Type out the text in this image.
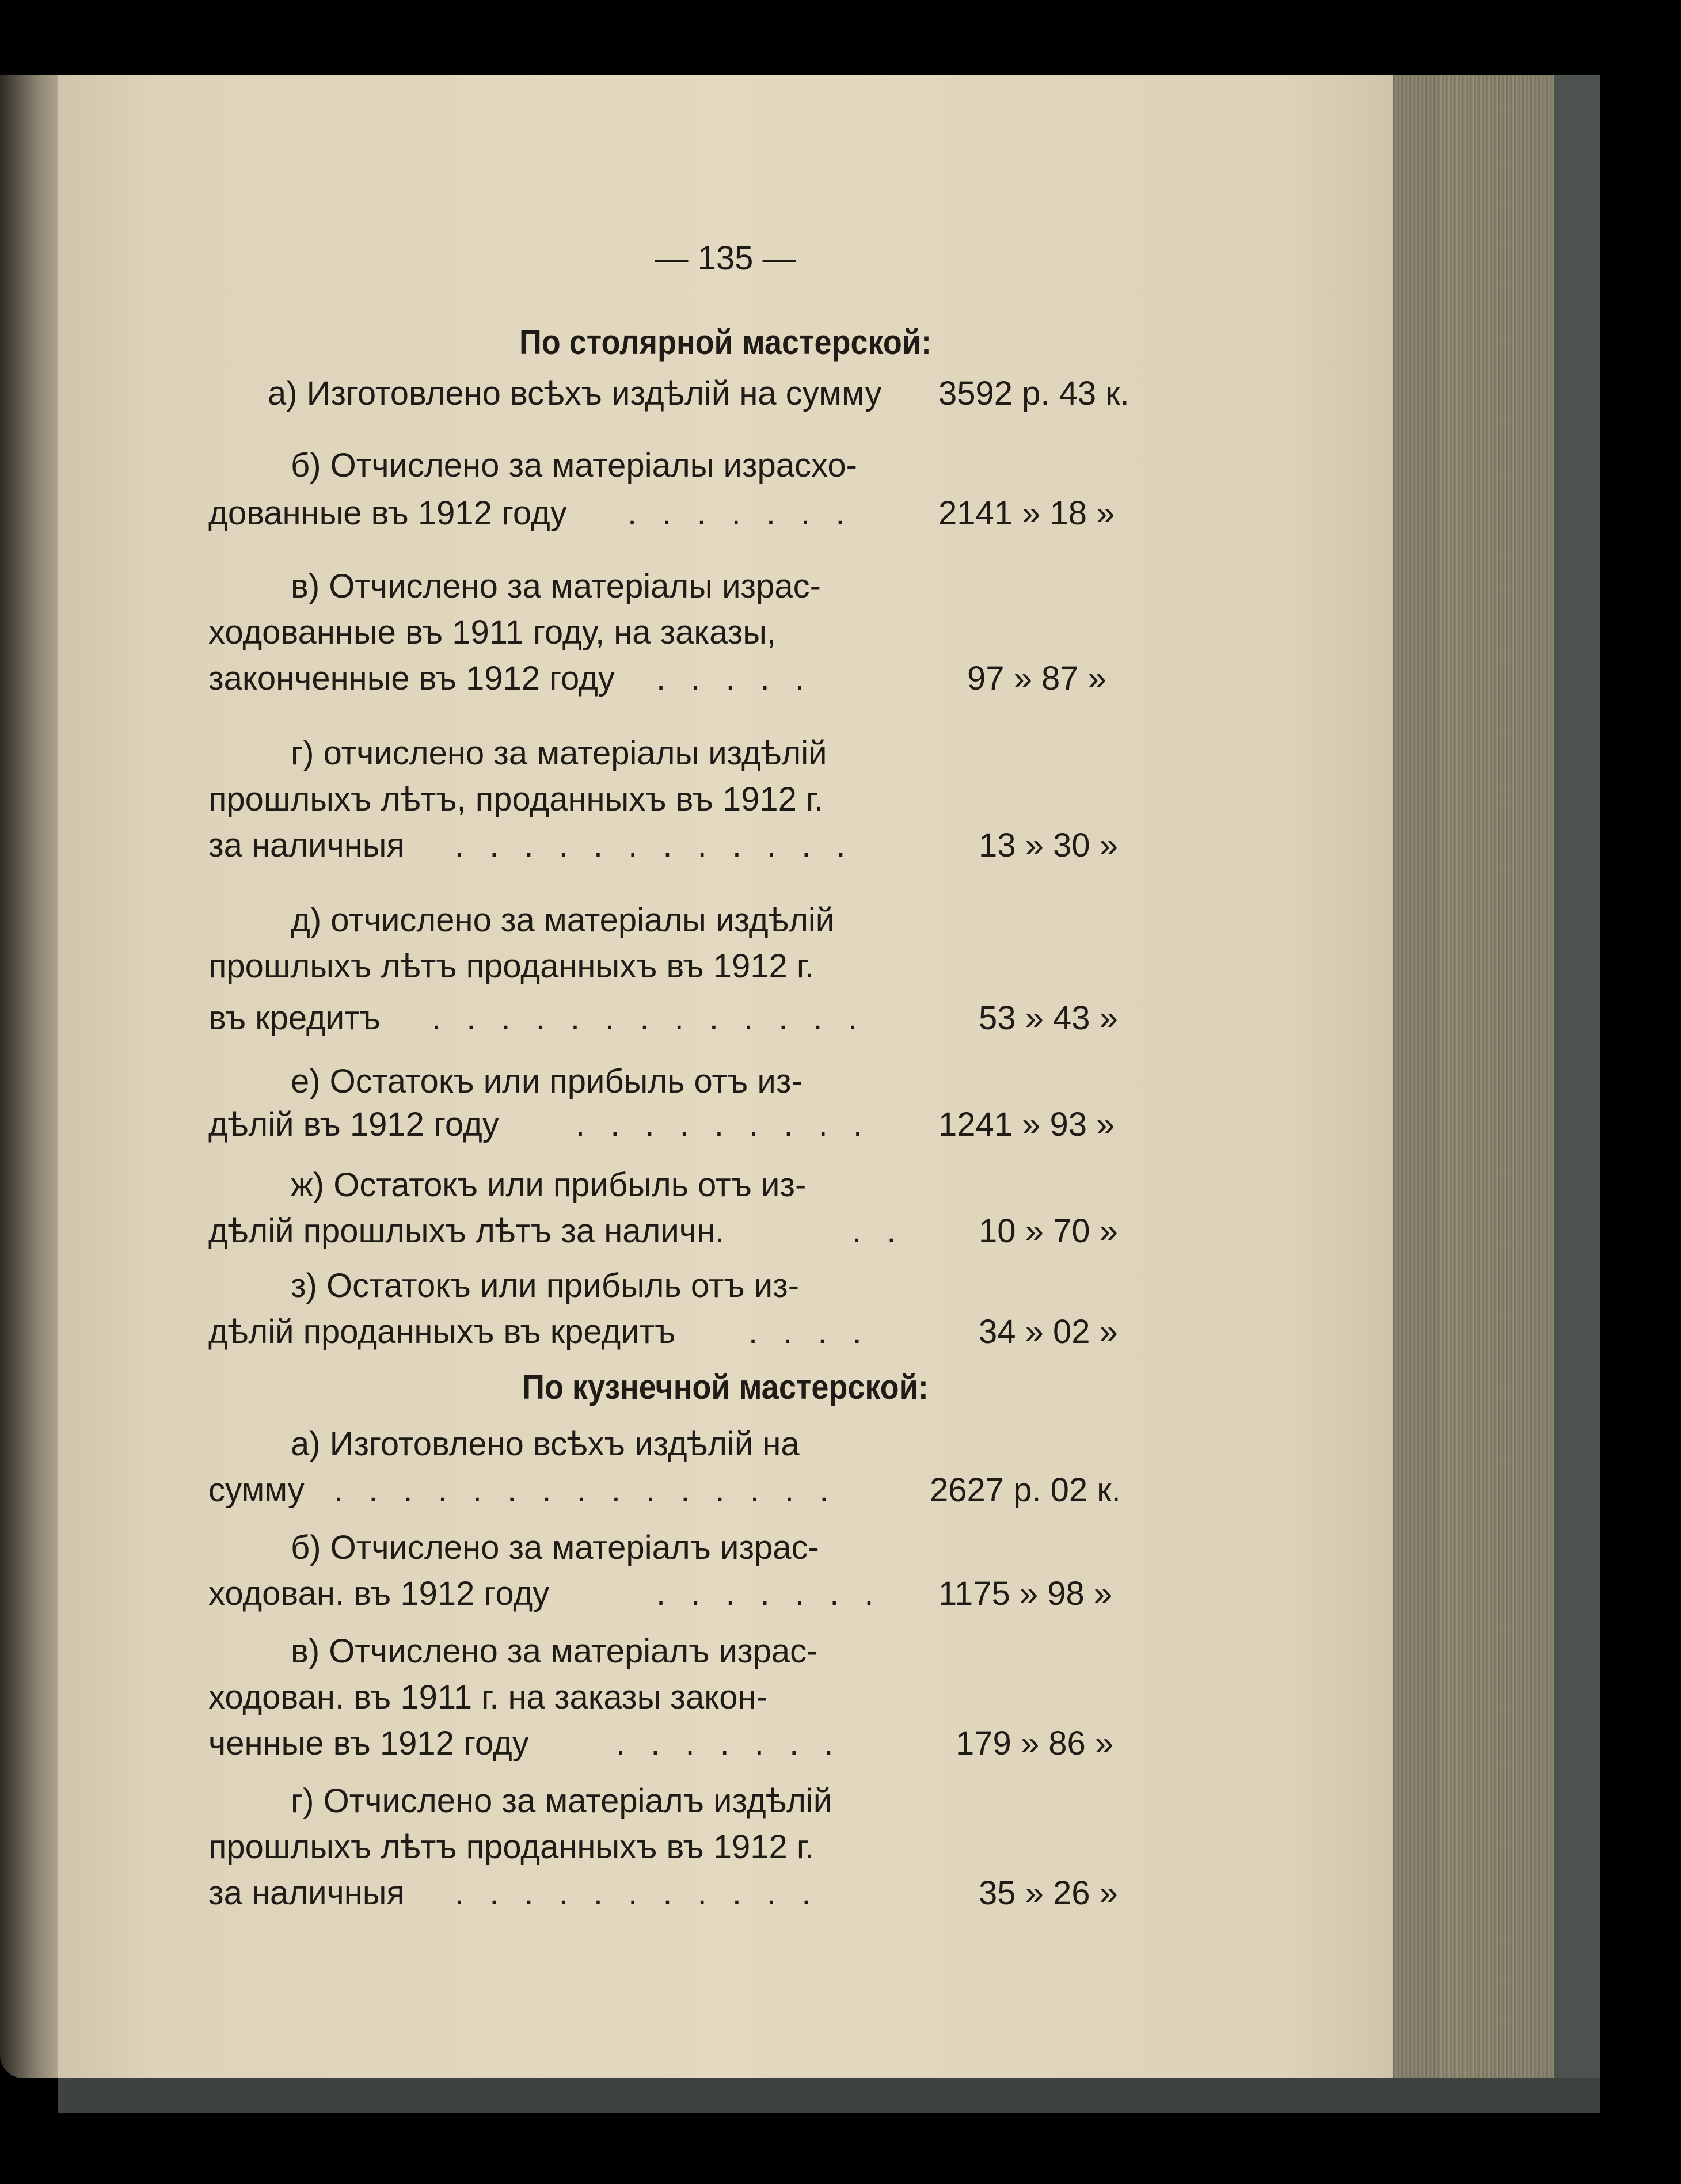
— 135 —
По столярной мастерской:
а) Изготовлено всѣхъ издѣлій на сумму 3592 р. 43 к.
б) Отчислено за матеріалы израсхо-
дованные въ 1912 году . . . . . . .	2141 » 18 »
в) Отчислено за матеріалы израс-
ходованные въ 1911 году, на заказы,
законченные въ 1912 году . . . . .	97 » 87 »
г) отчислено за матеріалы издѣлій
прошлыхъ лѣтъ, проданныхъ въ 1912 г.
за наличныя . . . . . . . . . . . .	13 » 30 »
д) отчислено за матеріалы издѣлій
прошлыхъ лѣтъ проданныхъ въ 1912 г.
въ кредитъ . . . . . . . . . . . . .	53 » 43 »
е) Остатокъ или прибыль отъ из-
дѣлій въ 1912 году . . . . . . . . . 1241 » 93 »
ж) Остатокъ или прибыль отъ из-
дѣлій прошлыхъ лѣтъ за наличн.	. . 10 » 70 »
з) Остатокъ или прибыль отъ из-
дѣлій проданныхъ въ кредитъ . . . .	34 » 02 »
По кузнечной мастерской:
а) Изготовлено всѣхъ издѣлій на
сумму . . . . . . . . . . . . . . .	2627 р. 02 к.
б) Отчислено за матеріалъ израс-
ходован. въ 1912 году	. . . . . . . 1175 » 98 »
в) Отчислено за матеріалъ израс-
ходован. въ 1911 г. на заказы закон-
ченные въ 1912 году	. . . . . . .	179 » 86 »
г) Отчислено за матеріалъ издѣлій
прошлыхъ лѣтъ проданныхъ въ 1912 г.
за наличныя . . . . . . . . . . .	35 » 26 »
